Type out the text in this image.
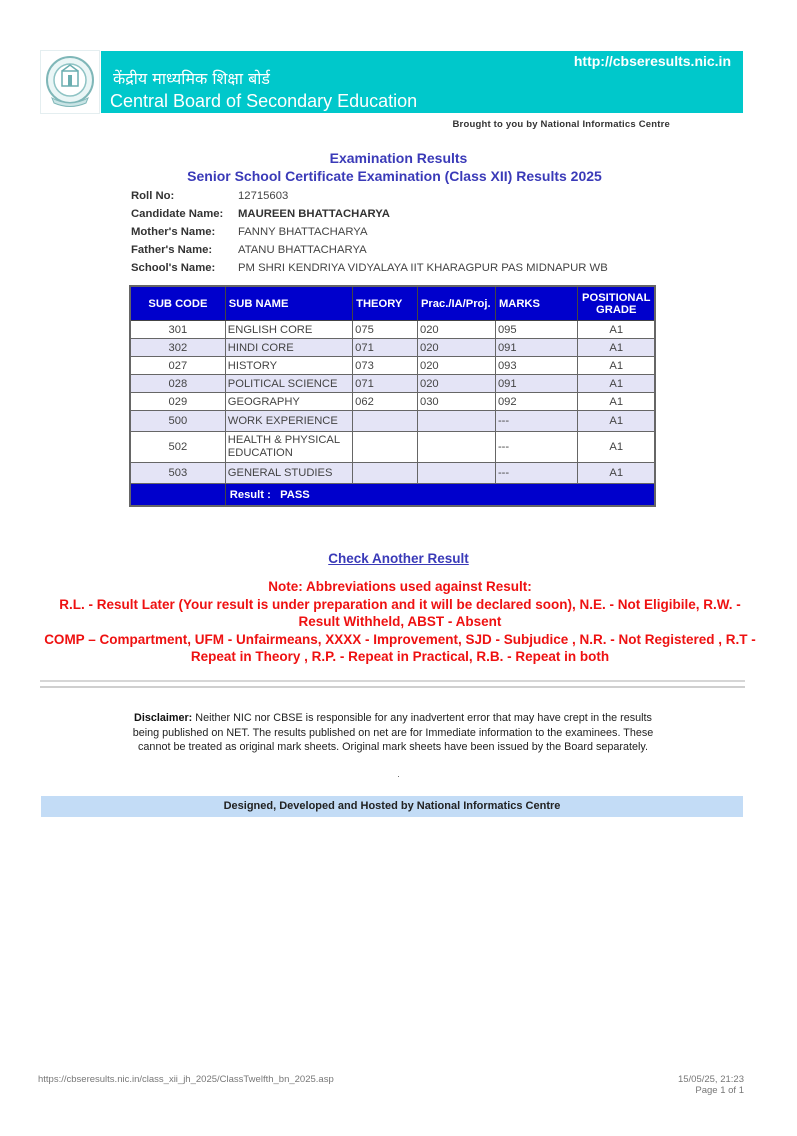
http://cbseresults.nic.in
केंद्रीय माध्यमिक शिक्षा बोर्ड
Central Board of Secondary Education
Brought to you by National Informatics Centre
Examination Results
Senior School Certificate Examination (Class XII) Results 2025
Roll No:	12715603
Candidate Name:	MAUREEN BHATTACHARYA
Mother's Name:	FANNY BHATTACHARYA
Father's Name:	ATANU BHATTACHARYA
School's Name:	PM SHRI KENDRIYA VIDYALAYA IIT KHARAGPUR PAS MIDNAPUR WB
SUB CODE	SUB NAME	THEORY	Prac./IA/Proj.	MARKS	POSITIONAL GRADE
301	ENGLISH CORE	075	020	095	A1
302	HINDI CORE	071	020	091	A1
027	HISTORY	073	020	093	A1
028	POLITICAL SCIENCE	071	020	091	A1
029	GEOGRAPHY	062	030	092	A1
500	WORK EXPERIENCE			---	A1
502	HEALTH & PHYSICAL EDUCATION			---	A1
503	GENERAL STUDIES			---	A1
	Result :   PASS				
Check Another Result
Note: Abbreviations used against Result:
R.L. - Result Later (Your result is under preparation and it will be declared soon), N.E. - Not Eligibile, R.W. - Result Withheld, ABST - Absent
COMP – Compartment, UFM - Unfairmeans, XXXX - Improvement, SJD - Subjudice , N.R. - Not Registered , R.T - Repeat in Theory , R.P. - Repeat in Practical, R.B. - Repeat in both
Disclaimer: Neither NIC nor CBSE is responsible for any inadvertent error that may have crept in the results being published on NET. The results published on net are for Immediate information to the examinees. These cannot be treated as original mark sheets. Original mark sheets have been issued by the Board separately.
.
Designed, Developed and Hosted by National Informatics Centre
https://cbseresults.nic.in/class_xii_jh_2025/ClassTwelfth_bn_2025.asp	15/05/25, 21:23
Page 1 of 1
